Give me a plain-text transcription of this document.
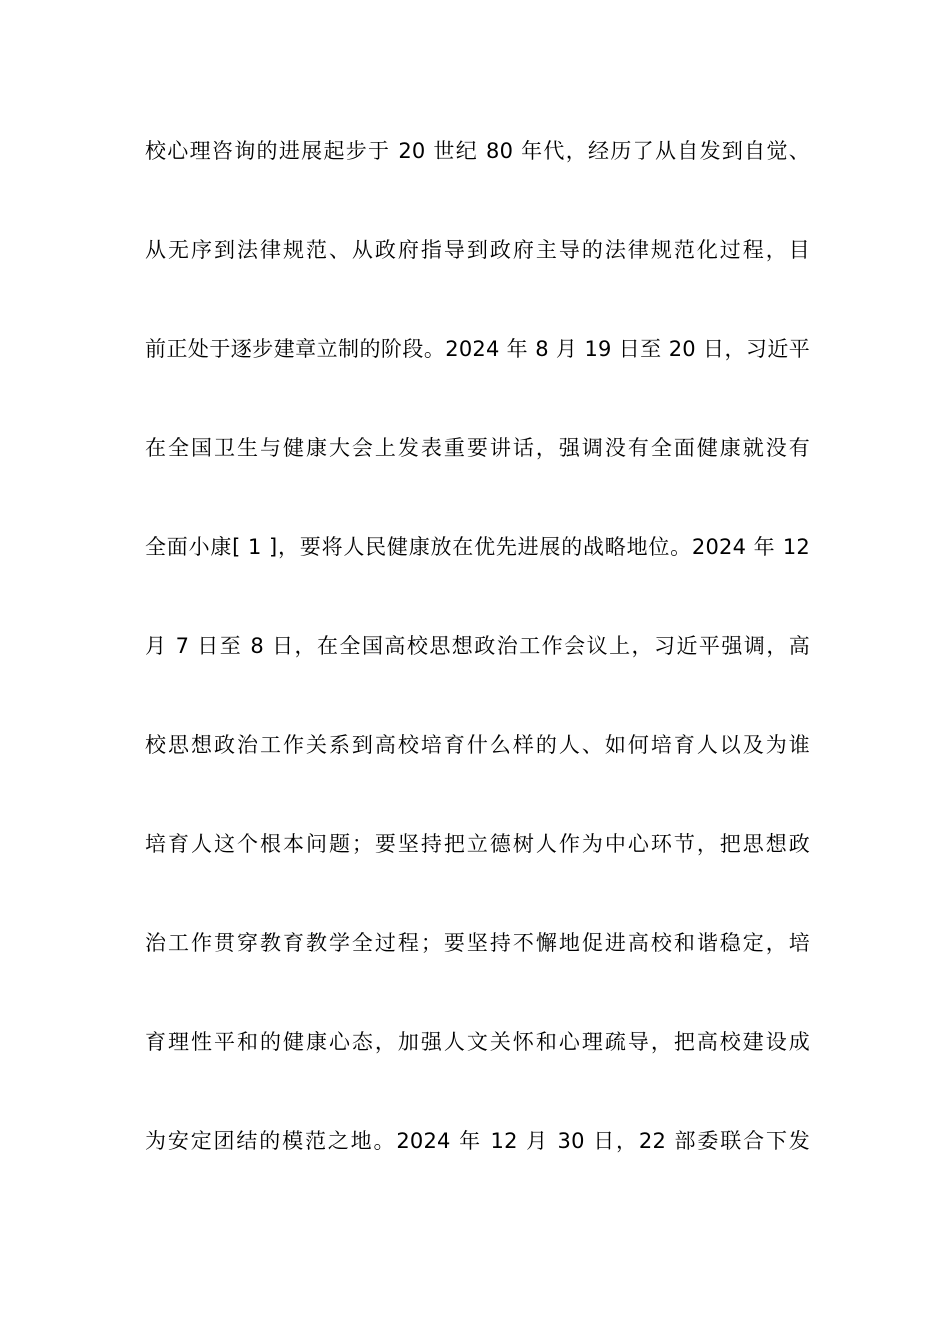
校心理咨询的进展起步于 20 世纪 80 年代，经历了从自发到自觉、
从无序到法律规范、从政府指导到政府主导的法律规范化过程，目
前正处于逐步建章立制的阶段。2024 年 8 月 19 日至 20 日，习近平
在全国卫生与健康大会上发表重要讲话，强调没有全面健康就没有
全面小康[ 1 ]，要将人民健康放在优先进展的战略地位。2024 年 12
月 7 日至 8 日，在全国高校思想政治工作会议上，习近平强调，高
校思想政治工作关系到高校培育什么样的人、如何培育人以及为谁
培育人这个根本问题；要坚持把立德树人作为中心环节，把思想政
治工作贯穿教育教学全过程；要坚持不懈地促进高校和谐稳定，培
育理性平和的健康心态，加强人文关怀和心理疏导，把高校建设成
为安定团结的模范之地。2024 年 12 月 30 日，22 部委联合下发
